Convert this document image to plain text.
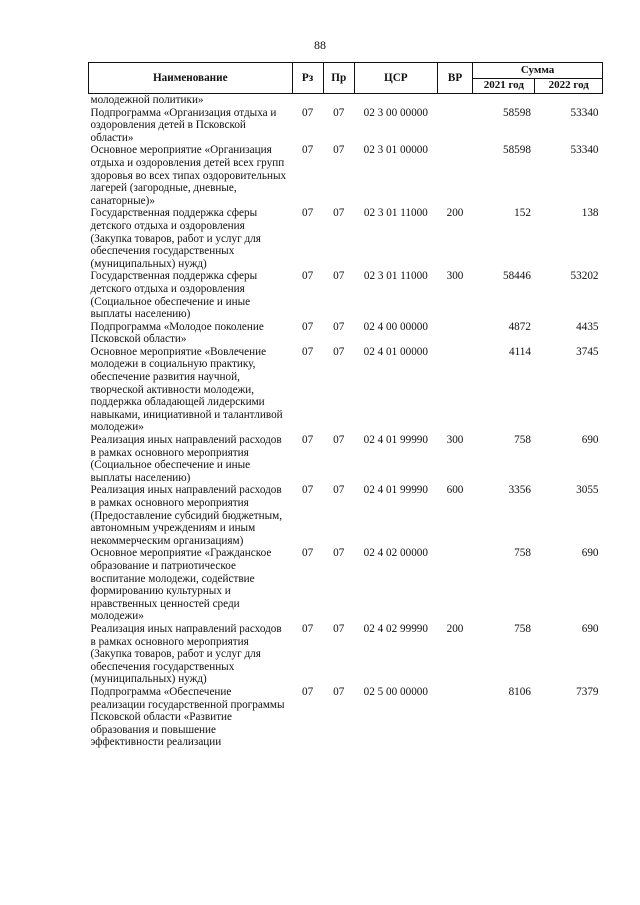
88
Наименование	Рз	Пр	ЦСР	ВР	Сумма	
					2021 год	2022 год
молодежной политики»						
Подпрограмма «Организация отдыха и оздоровления детей в Псковской области»	07	07	02 3 00 00000		58598	53340
Основное мероприятие «Организация отдыха и оздоровления детей всех групп здоровья во всех типах оздоровительных лагерей (загородные, дневные, санаторные)»	07	07	02 3 01 00000		58598	53340
Государственная поддержка сферы детского отдыха и оздоровления (Закупка товаров, работ и услуг для обеспечения государственных (муниципальных) нужд)	07	07	02 3 01 11000	200	152	138
Государственная поддержка сферы детского отдыха и оздоровления (Социальное обеспечение и иные выплаты населению)	07	07	02 3 01 11000	300	58446	53202
Подпрограмма «Молодое поколение Псковской области»	07	07	02 4 00 00000		4872	4435
Основное мероприятие «Вовлечение молодежи в социальную практику, обеспечение развития научной, творческой активности молодежи, поддержка обладающей лидерскими навыками, инициативной и талантливой молодежи»	07	07	02 4 01 00000		4114	3745
Реализация иных направлений расходов в рамках основного мероприятия (Социальное обеспечение и иные выплаты населению)	07	07	02 4 01 99990	300	758	690
Реализация иных направлений расходов в рамках основного мероприятия (Предоставление субсидий бюджетным, автономным учреждениям и иным некоммерческим организациям)	07	07	02 4 01 99990	600	3356	3055
Основное мероприятие «Гражданское образование и патриотическое воспитание молодежи, содействие формированию культурных и нравственных ценностей среди молодежи»	07	07	02 4 02 00000		758	690
Реализация иных направлений расходов в рамках основного мероприятия (Закупка товаров, работ и услуг для обеспечения государственных (муниципальных) нужд)	07	07	02 4 02 99990	200	758	690
Подпрограмма «Обеспечение реализации государственной программы Псковской области «Развитие образования и повышение эффективности реализации	07	07	02 5 00 00000		8106	7379
